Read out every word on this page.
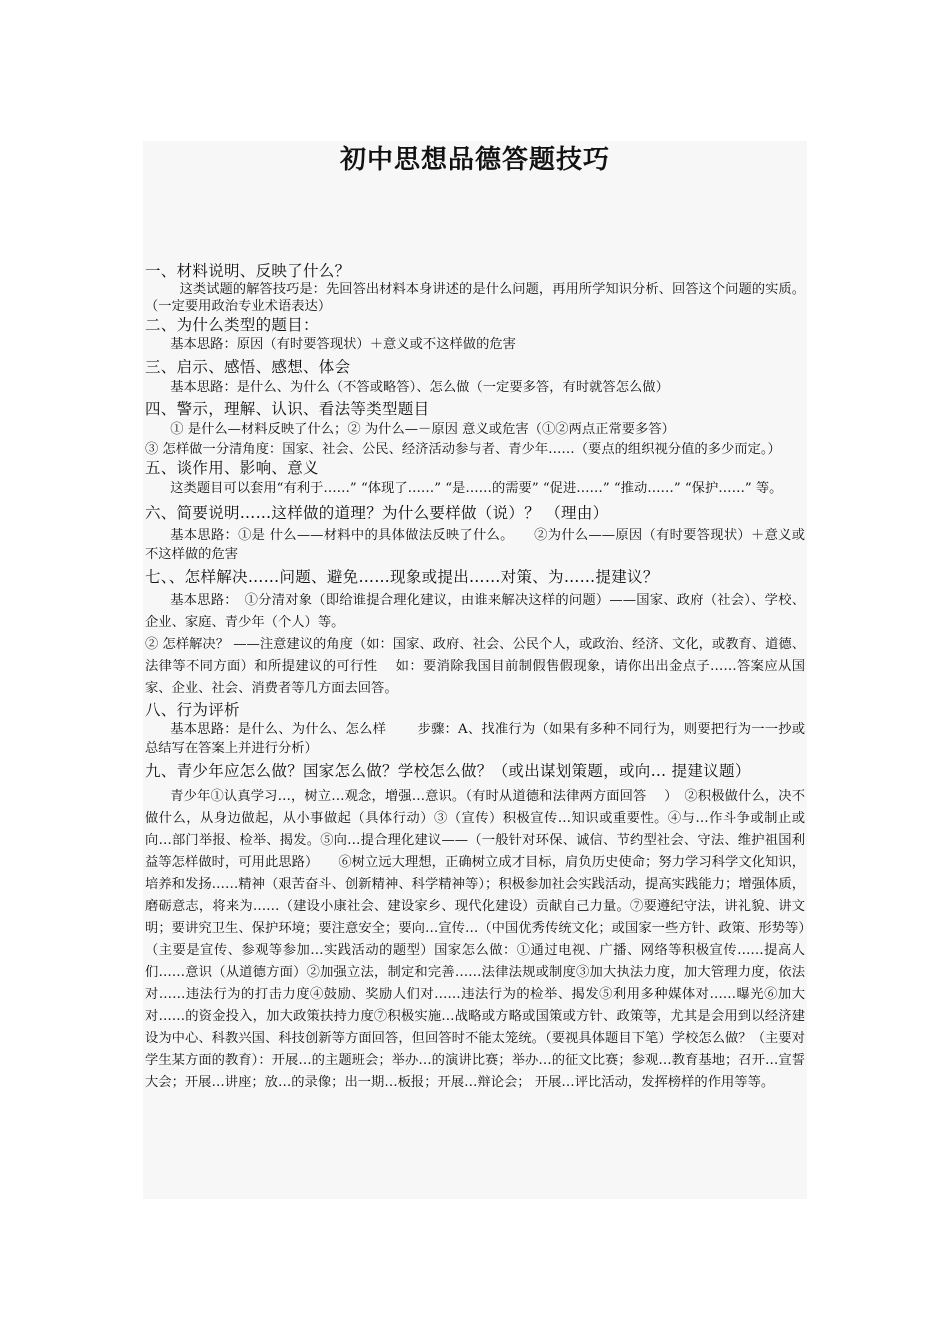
初中思想品德答题技巧

一、材料说明、反映了什么？

这类试题的解答技巧是：先回答出材料本身讲述的是什么问题，再用所学知识分析、回答这个问题的实质。（一定要用政治专业术语表达）

二、为什么类型的题目：

基本思路：原因（有时要答现状）＋意义或不这样做的危害

三、启示、感悟、感想、体会

基本思路：是什么、为什么（不答或略答）、怎么做（一定要多答，有时就答怎么做）

四、警示，理解、认识、看法等类型题目

① 是什么—材料反映了什么；② 为什么—－原因 意义或危害（①②两点正常要多答）

③ 怎样做一分清角度：国家、社会、公民、经济活动参与者、青少年……（要点的组织视分值的多少而定。）

五、谈作用、影响、意义

这类题目可以套用“有利于……” “体现了……” “是……的需要” “促进……” “推动……” “保护……” 等。

六、简要说明……这样做的道理？为什么要样做（说）？ （理由）

基本思路：①是 什么——材料中的具体做法反映了什么。　　②为什么——原因（有时要答现状）＋意义或不这样做的危害

七、、怎样解决……问题、避免……现象或提出……对策、为……提建议？

基本思路：　①分清对象（即给谁提合理化建议，由谁来解决这样的问题）——国家、政府（社会）、学校、企业、家庭、青少年（个人）等。

② 怎样解决？ ——注意建议的角度（如：国家、政府、社会、公民个人，或政治、经济、文化，或教育、道德、法律等不同方面）和所提建议的可行性　 如：要消除我国目前制假售假现象，请你出出金点子……答案应从国家、企业、社会、消费者等几方面去回答。

八、行为评析

基本思路：是什么、为什么、怎么样　　 步骤：A、找准行为（如果有多种不同行为，则要把行为一一抄或总结写在答案上并进行分析）

九、青少年应怎么做？国家怎么做？学校怎么做？（或出谋划策题，或向… 提建议题）

青少年①认真学习…，树立…观念，增强…意识。（有时从道德和法律两方面回答　 ）　②积极做什么，决不做什么，从身边做起，从小事做起（具体行动）③（宣传）积极宣传…知识或重要性。④与…作斗争或制止或向…部门举报、检举、揭发。⑤向…提合理化建议——（一般针对环保、诚信、节约型社会、守法、维护祖国利益等怎样做时，可用此思路）　　⑥树立远大理想，正确树立成才目标，肩负历史使命；努力学习科学文化知识，培养和发扬……精神（艰苦奋斗、创新精神、科学精神等）；积极参加社会实践活动，提高实践能力；增强体质，磨砺意志，将来为……（建设小康社会、建设家乡、现代化建设）贡献自己力量。⑦要遵纪守法，讲礼貌、讲文明；要讲究卫生、保护环境；要注意安全；要向…宣传…（中国优秀传统文化；或国家一些方针、政策、形势等）（主要是宣传、参观等参加…实践活动的题型）国家怎么做：①通过电视、广播、网络等积极宣传……提高人们……意识（从道德方面）②加强立法，制定和完善……法律法规或制度③加大执法力度，加大管理力度，依法对……违法行为的打击力度④鼓励、奖励人们对……违法行为的检举、揭发⑤利用多种媒体对……曝光⑥加大对……的资金投入，加大政策扶持力度⑦积极实施…战略或方略或国策或方针、政策等，尤其是会用到以经济建设为中心、科教兴国、科技创新等方面回答，但回答时不能太笼统。（要视具体题目下笔）学校怎么做？（主要对学生某方面的教育）：开展…的主题班会；举办…的演讲比赛；举办…的征文比赛；参观…教育基地；召开…宣誓大会；开展…讲座；放…的录像；出一期…板报；开展…辩论会； 开展…评比活动，发挥榜样的作用等等。
